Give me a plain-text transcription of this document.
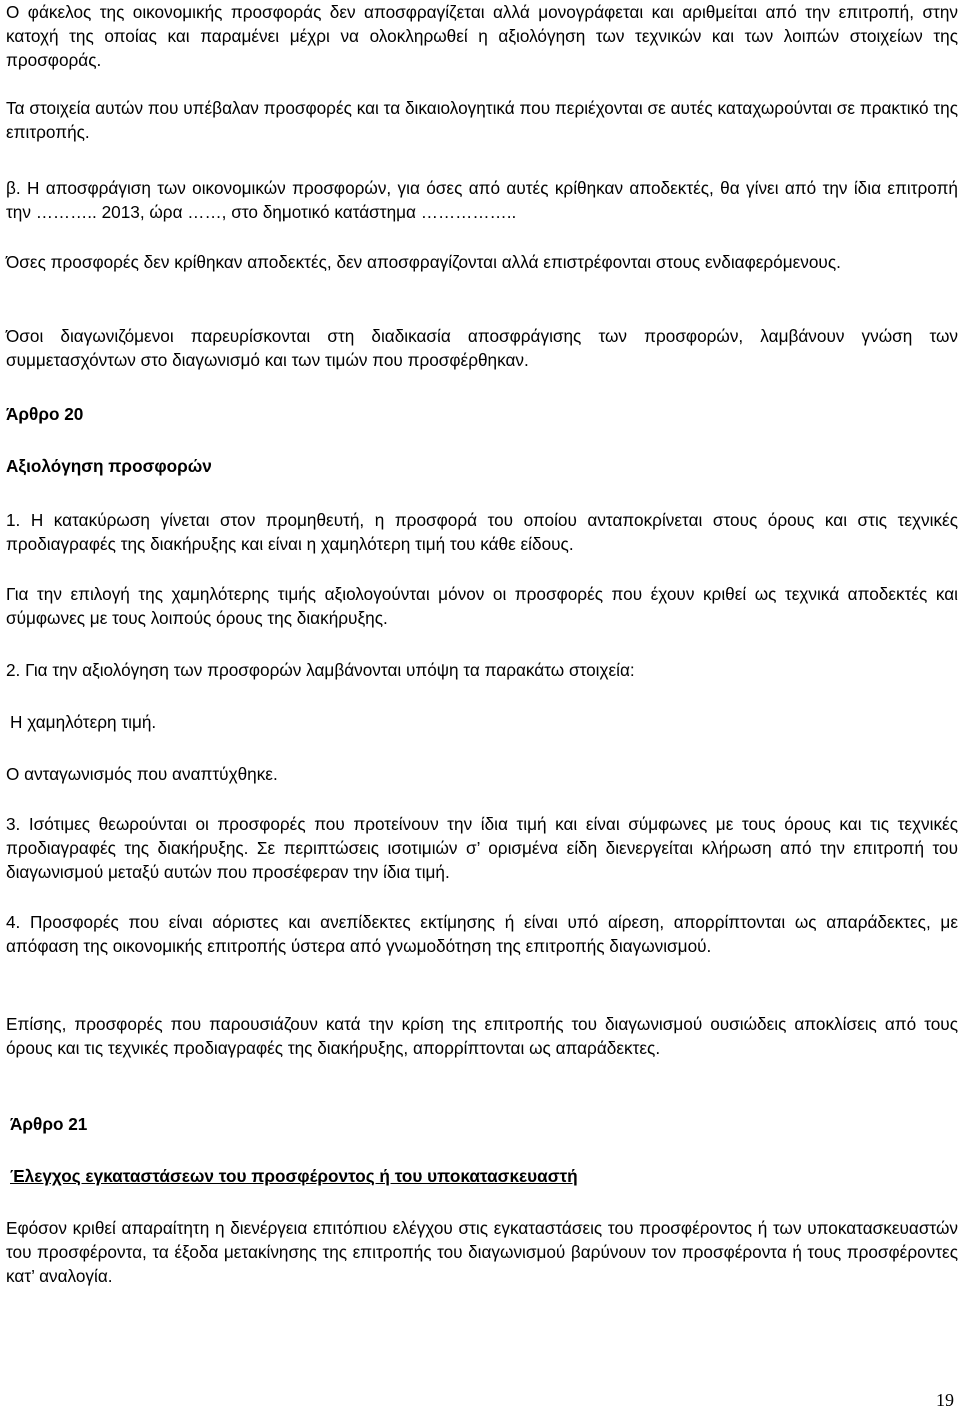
Ο φάκελος της οικονομικής προσφοράς δεν αποσφραγίζεται αλλά μονογράφεται και αριθμείται από την επιτροπή, στην κατοχή της οποίας και παραμένει μέχρι να ολοκληρωθεί η αξιολόγηση των τεχνικών και των λοιπών στοιχείων της προσφοράς.

Τα στοιχεία αυτών που υπέβαλαν προσφορές και τα δικαιολογητικά που περιέχονται σε αυτές καταχωρούνται σε πρακτικό της επιτροπής.

β. Η αποσφράγιση των οικονομικών προσφορών, για όσες από αυτές κρίθηκαν αποδεκτές, θα γίνει από την ίδια επιτροπή την ……….. 2013, ώρα ……, στο δημοτικό κατάστημα ……………..

Όσες προσφορές δεν κρίθηκαν αποδεκτές, δεν αποσφραγίζονται αλλά επιστρέφονται στους ενδιαφερόμενους.

Όσοι διαγωνιζόμενοι παρευρίσκονται στη διαδικασία αποσφράγισης των προσφορών, λαμβάνουν γνώση των συμμετασχόντων στο διαγωνισμό και των τιμών που προσφέρθηκαν.

Άρθρο 20
Αξιολόγηση προσφορών

1. Η κατακύρωση γίνεται στον προμηθευτή, η προσφορά του οποίου ανταποκρίνεται στους όρους και στις τεχνικές προδιαγραφές της διακήρυξης και είναι η χαμηλότερη τιμή του κάθε είδους.

Για την επιλογή της χαμηλότερης τιμής αξιολογούνται μόνον οι προσφορές που έχουν κριθεί ως τεχνικά αποδεκτές και σύμφωνες με τους λοιπούς όρους της διακήρυξης.

2. Για την αξιολόγηση των προσφορών λαμβάνονται υπόψη τα παρακάτω στοιχεία:

Η χαμηλότερη τιμή.

Ο ανταγωνισμός που αναπτύχθηκε.

3. Ισότιμες θεωρούνται οι προσφορές που προτείνουν την ίδια τιμή και είναι σύμφωνες με τους όρους και τις τεχνικές προδιαγραφές της διακήρυξης. Σε περιπτώσεις ισοτιμιών σ’ ορισμένα είδη διενεργείται κλήρωση από την επιτροπή του διαγωνισμού μεταξύ αυτών που προσέφεραν την ίδια τιμή.

4. Προσφορές που είναι αόριστες και ανεπίδεκτες εκτίμησης ή είναι υπό αίρεση, απορρίπτονται ως απαράδεκτες, με απόφαση της οικονομικής επιτροπής ύστερα από γνωμοδότηση της επιτροπής διαγωνισμού.

Επίσης, προσφορές που παρουσιάζουν κατά την κρίση της επιτροπής του διαγωνισμού ουσιώδεις αποκλίσεις από τους όρους και τις τεχνικές προδιαγραφές της διακήρυξης, απορρίπτονται ως απαράδεκτες.

Άρθρο 21
Έλεγχος εγκαταστάσεων του προσφέροντος ή του υποκατασκευαστή

Εφόσον κριθεί απαραίτητη η διενέργεια επιτόπιου ελέγχου στις εγκαταστάσεις του προσφέροντος ή των υποκατασκευαστών του προσφέροντα, τα έξοδα μετακίνησης της επιτροπής του διαγωνισμού βαρύνουν τον προσφέροντα ή τους προσφέροντες κατ’ αναλογία.

19
